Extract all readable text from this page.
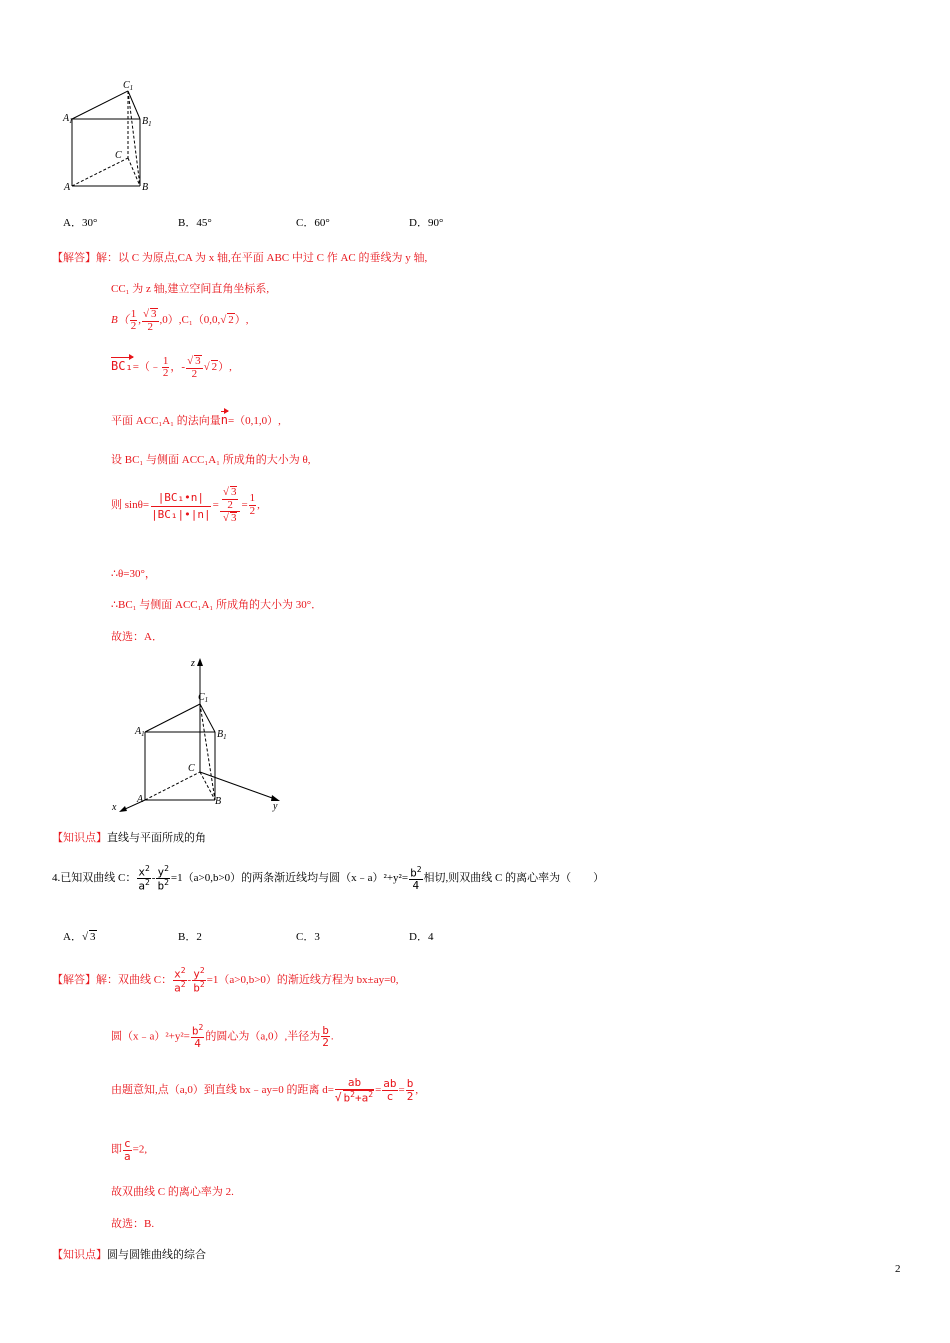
$C_1$
$A_1$	$B_1$
C
A	B
A．30°	B．45°	C．60°	D．90°
【解答】解：以 C 为原点,CA 为 x 轴,在平面 ABC 中过 C 作 AC 的垂线为 y 轴,
CC₁ 为 z 轴,建立空间直角坐标系,
$B( \frac{1}{2}$ ,
√ $\frac{3}{2} ,0),C_1(0,0,√$ 2）,
BC₁=（﹣ $\frac{1}{2}$ ，-
√ $\frac{3}{2}$
√ 2）,
平面 ACC₁A₁ 的法向量n=（0,1,0）,
设 BC₁ 与侧面 ACC₁A₁ 所成角的大小为 θ,
则 $\sin\theta= \frac{\text{|BC₁•n|}}{\text{|BC₁|•|n|}}$ =
√ $\frac{3}{2}$
√ $3 = \frac{1}{2}$ ,
∴θ=30°，
∴BC₁ 与侧面 ACC₁A₁ 所成角的大小为 30°．
故选：A．
z
$C_1$
$A_1$	$B_1$
C
A	B
x	y
【知识点】直线与平面所成的角
4.已知双曲线 C： $\frac{x^2}{a^2} - \frac{y^2}{b^2} =1(a>0,b>0)$的两条渐近线均与圆（x﹣a）²+y²= $\frac{b^2}{4}$ 相切,则双曲线 C 的离心率为（　　）
A．√ 3	B．2	C．3	D．4
【解答】解：双曲线 C： $\frac{x^2}{a^2} - \frac{y^2}{b^2} =1(a>0,b>0)$的渐近线方程为 bx±ay=0,
圆（x﹣a）²+y²= $\frac{b^2}{4}$ 的圆心为（a,0）,半径为 $\frac{b}{2}$ .
由题意知,点（a,0）到直线 bx﹣ay=0 的距离 d= ab
√ $b^2+a^2 = \frac{ab}{c} = \frac{b}{2}$ ,
即 $\frac{c}{a} =2$,
故双曲线 C 的离心率为 2.
故选：B.
【知识点】圆与圆锥曲线的综合
2
